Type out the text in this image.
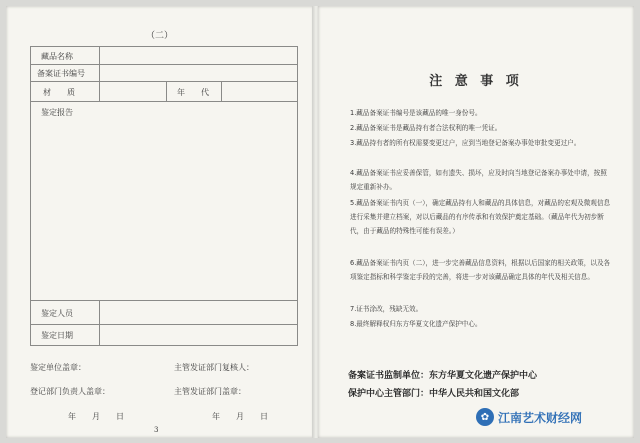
（二）
藏品名称
备案证书编号
材　　质	年　　代
鉴定报告
鉴定人员
鉴定日期
鉴定单位盖章：	主管发证部门复核人：
登记部门负责人盖章：	主管发证部门盖章：
年　　月　　日	年　　月　　日
3
注 意 事 项
1.藏品备案证书编号是该藏品的唯一身份号。
2.藏品备案证书是藏品持有者合法权利的唯一凭证。
3.藏品持有者的所有权需要变更过户，应到当地登记备案办事处审批变更过户。
4.藏品备案证书应妥善保管，如有遗失、损坏，应及时向当地登记备案办事处申请，按照规定重新补办。
5.藏品备案证书内页（一），确定藏品持有人和藏品的具体信息，对藏品的宏观及微观信息进行采集并建立档案，对以后藏品的有序传承和有效保护奠定基础。（藏品年代为初步断代，由于藏品的特殊性可能有误差。）
6.藏品备案证书内页（二），进一步完善藏品信息资料，根据以后国家的相关政策，以及各项鉴定指标和科学鉴定手段的完善，将进一步对该藏品确定具体的年代及相关信息。
7.证书涂改，残缺无效。
8.最终解释权归东方华夏文化遗产保护中心。
备案证书监制单位：东方华夏文化遗产保护中心
保护中心主管部门：中华人民共和国文化部
✿ 江南艺术财经网
